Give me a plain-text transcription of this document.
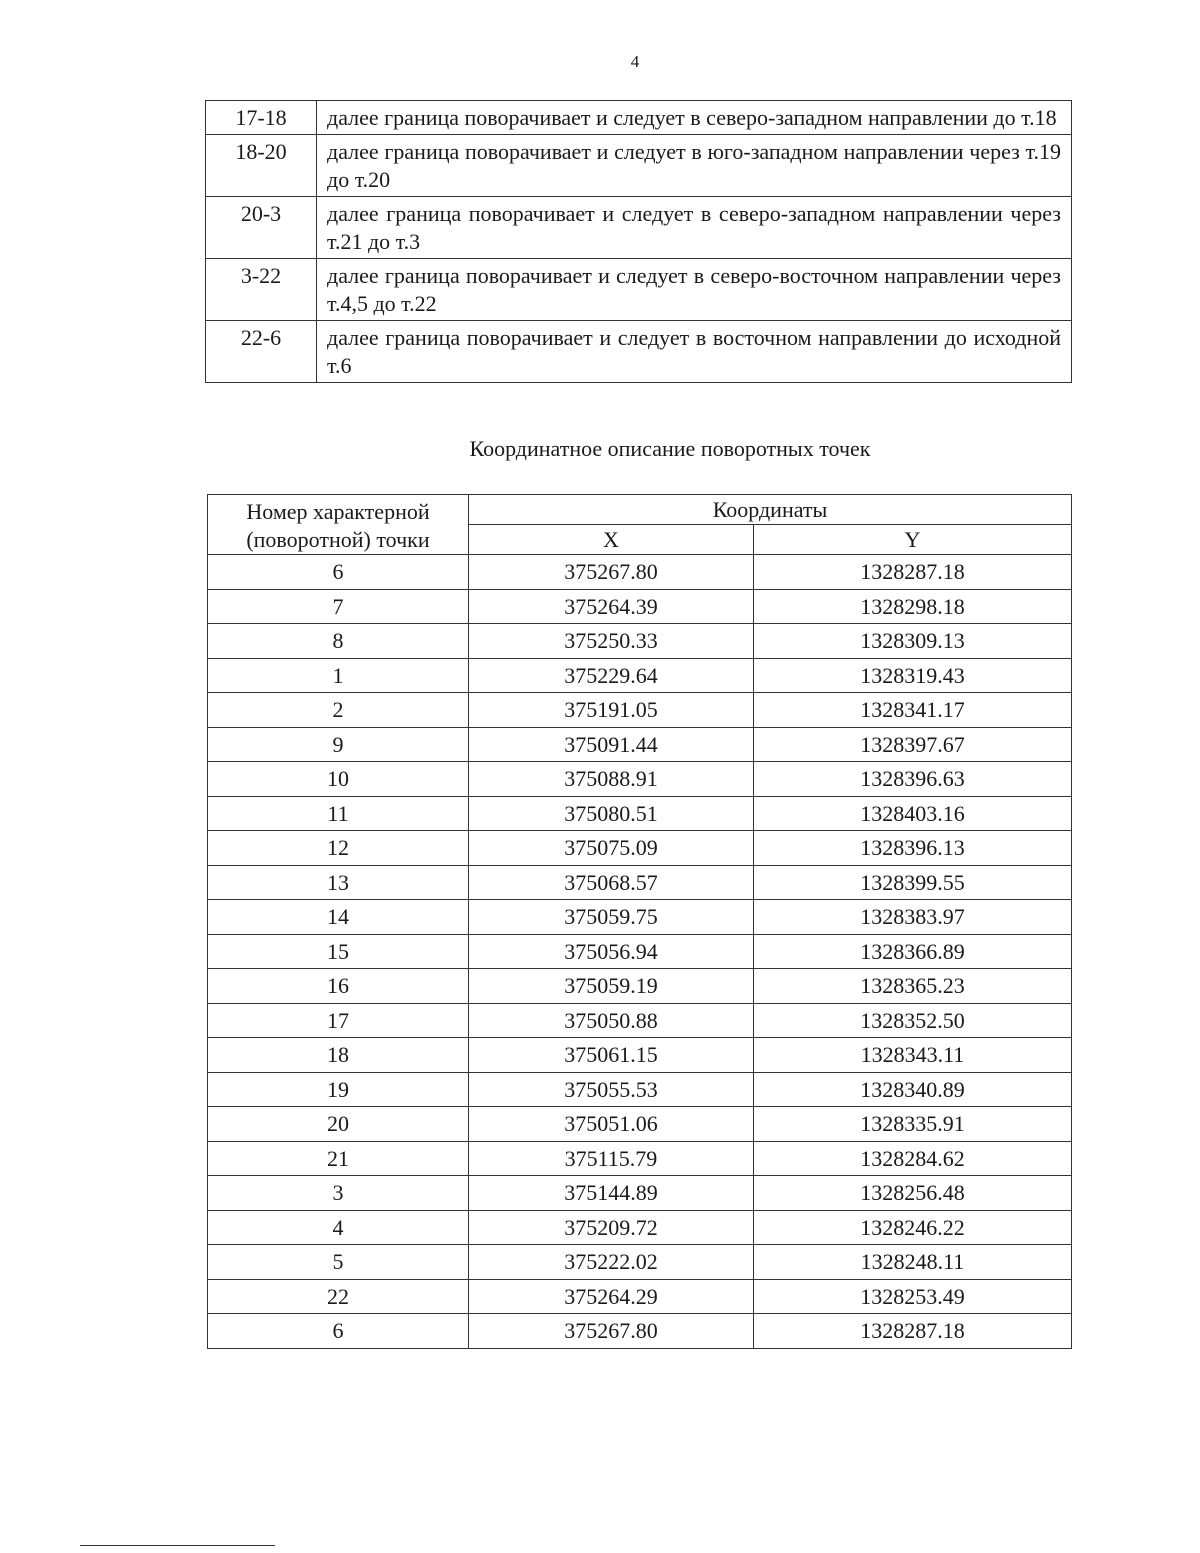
4
17-18	далее граница поворачивает и следует в северо-западном направлении до т.18
18-20	далее граница поворачивает и следует в юго-западном направлении через т.19 до т.20
20-3	далее граница поворачивает и следует в северо-западном направлении через т.21 до т.3
3-22	далее граница поворачивает и следует в северо-восточном направлении через т.4,5 до т.22
22-6	далее граница поворачивает и следует в восточном направлении до исходной т.6
Координатное описание поворотных точек
Номер характерной (поворотной) точки	Координаты	
	X	Y
6	375267.80	1328287.18
7	375264.39	1328298.18
8	375250.33	1328309.13
1	375229.64	1328319.43
2	375191.05	1328341.17
9	375091.44	1328397.67
10	375088.91	1328396.63
11	375080.51	1328403.16
12	375075.09	1328396.13
13	375068.57	1328399.55
14	375059.75	1328383.97
15	375056.94	1328366.89
16	375059.19	1328365.23
17	375050.88	1328352.50
18	375061.15	1328343.11
19	375055.53	1328340.89
20	375051.06	1328335.91
21	375115.79	1328284.62
3	375144.89	1328256.48
4	375209.72	1328246.22
5	375222.02	1328248.11
22	375264.29	1328253.49
6	375267.80	1328287.18
